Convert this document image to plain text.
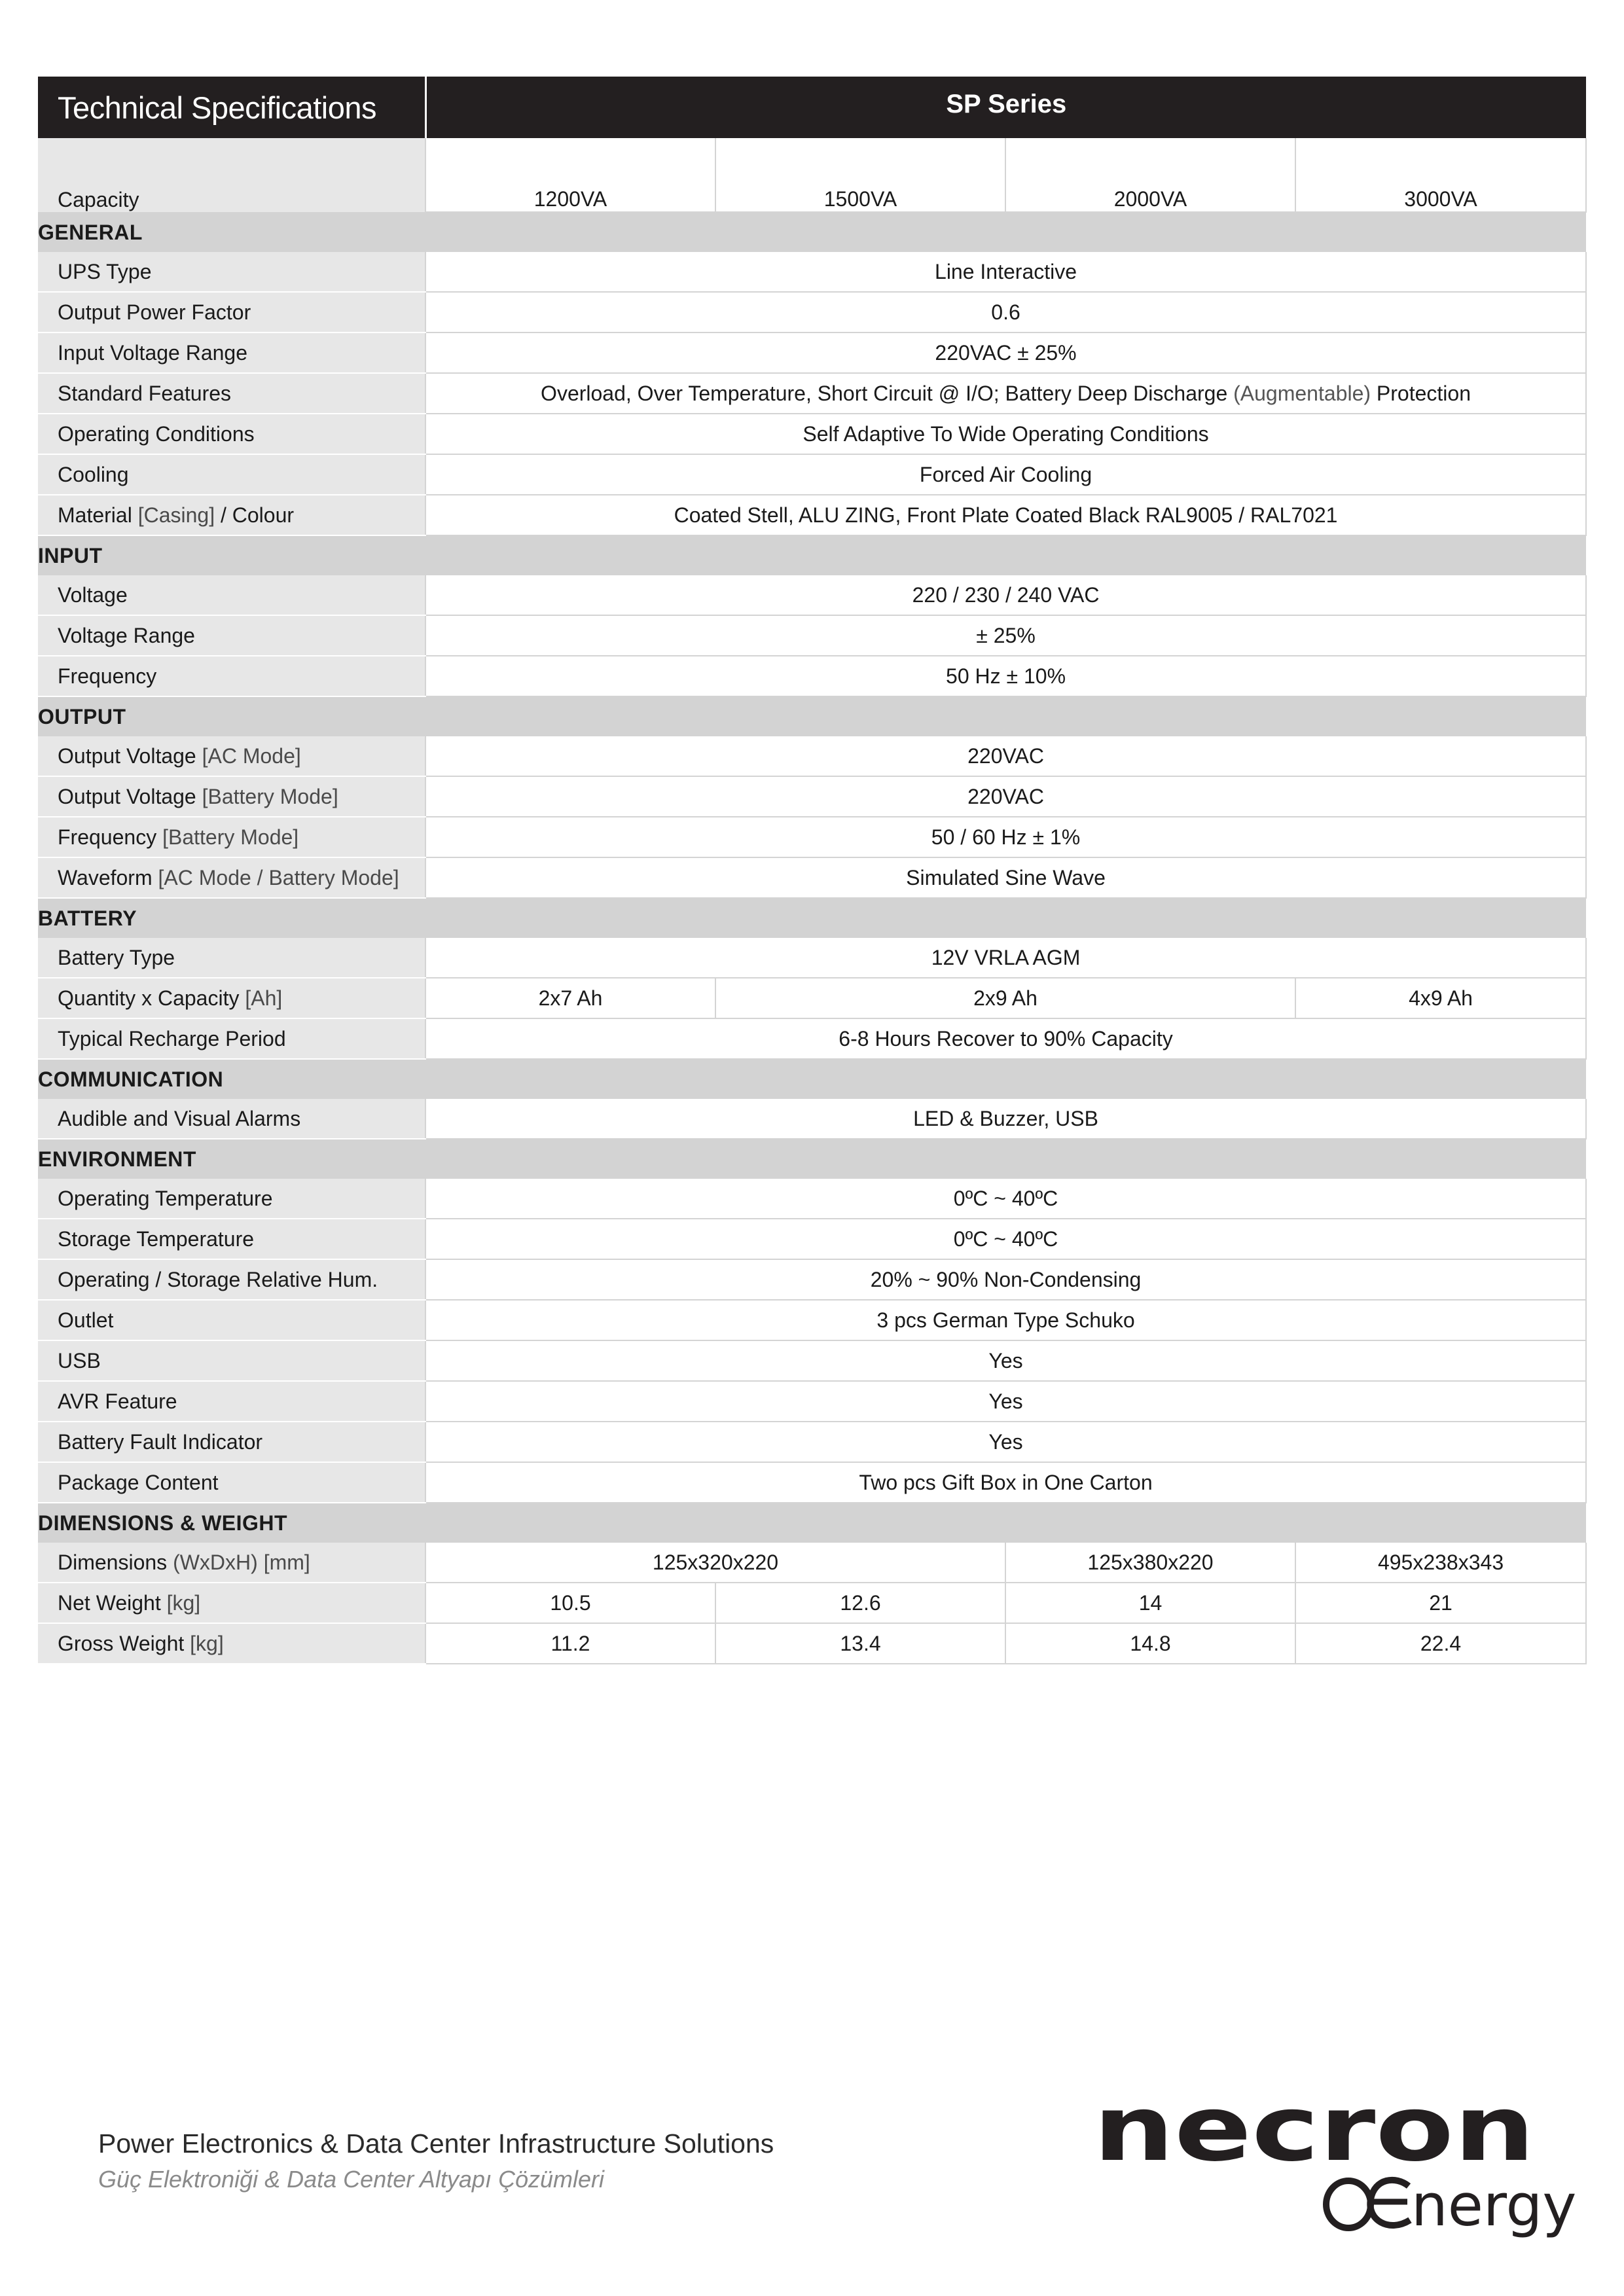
Technical Specifications	SP Series			
Capacity	1200VA	1500VA	2000VA	3000VA
GENERAL				
UPS Type	Line Interactive			
Output Power Factor	0.6			
Input Voltage Range	220VAC ± 25%			
Standard Features	Overload, Over Temperature, Short Circuit @ I/O; Battery Deep Discharge (Augmentable) Protection			
Operating Conditions	Self Adaptive To Wide Operating Conditions			
Cooling	Forced Air Cooling			
Material [Casing] / Colour	Coated Stell, ALU ZING, Front Plate Coated Black RAL9005 / RAL7021			
INPUT				
Voltage	220 / 230 / 240 VAC			
Voltage Range	± 25%			
Frequency	50 Hz ± 10%			
OUTPUT				
Output Voltage [AC Mode]	220VAC			
Output Voltage [Battery Mode]	220VAC			
Frequency [Battery Mode]	50 / 60 Hz ± 1%			
Waveform [AC Mode / Battery Mode]	Simulated Sine Wave			
BATTERY				
Battery Type	12V VRLA AGM			
Quantity x Capacity [Ah]	2x7 Ah	2x9 Ah		4x9 Ah
Typical Recharge Period	6-8 Hours Recover to 90% Capacity			
COMMUNICATION				
Audible and Visual Alarms	LED & Buzzer, USB			
ENVIRONMENT				
Operating Temperature	0ºC ~ 40ºC			
Storage Temperature	0ºC ~ 40ºC			
Operating / Storage Relative Hum.	20% ~ 90% Non-Condensing			
Outlet	3 pcs German Type Schuko			
USB	Yes			
AVR Feature	Yes			
Battery Fault Indicator	Yes			
Package Content	Two pcs Gift Box in One Carton			
DIMENSIONS & WEIGHT				
Dimensions (WxDxH) [mm]	125x320x220		125x380x220	495x238x343
Net Weight [kg]	10.5	12.6	14	21
Gross Weight [kg]	11.2	13.4	14.8	22.4

Power Electronics & Data Center Infrastructure Solutions

Güç Elektroniği & Data Center Altyapı Çözümleri	necron
nergy
